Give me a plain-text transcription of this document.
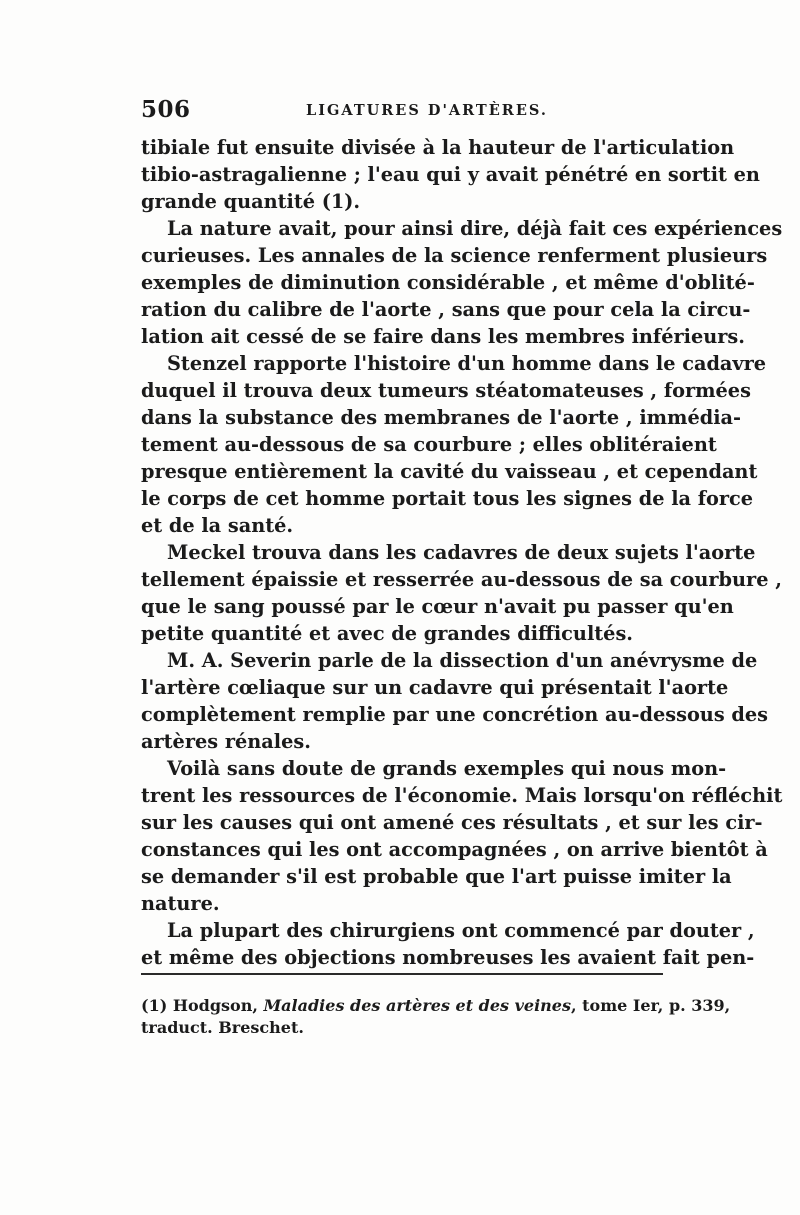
506	LIGATURES D'ARTÈRES.
tibiale fut ensuite divisée à la hauteur de l'articulation
tibio-astragalienne ; l'eau qui y avait pénétré en sortit en
grande quantité (1).
La nature avait, pour ainsi dire, déjà fait ces expériences
curieuses. Les annales de la science renferment plusieurs
exemples de diminution considérable , et même d'oblité-
ration du calibre de l'aorte , sans que pour cela la circu-
lation ait cessé de se faire dans les membres inférieurs.
Stenzel rapporte l'histoire d'un homme dans le cadavre
duquel il trouva deux tumeurs stéatomateuses , formées
dans la substance des membranes de l'aorte , immédia-
tement au-dessous de sa courbure ; elles oblitéraient
presque entièrement la cavité du vaisseau , et cependant
le corps de cet homme portait tous les signes de la force
et de la santé.
Meckel trouva dans les cadavres de deux sujets l'aorte
tellement épaissie et resserrée au-dessous de sa courbure ,
que le sang poussé par le cœur n'avait pu passer qu'en
petite quantité et avec de grandes difficultés.
M. A. Severin parle de la dissection d'un anévrysme de
l'artère cœliaque sur un cadavre qui présentait l'aorte
complètement remplie par une concrétion au-dessous des
artères rénales.
Voilà sans doute de grands exemples qui nous mon-
trent les ressources de l'économie. Mais lorsqu'on réfléchit
sur les causes qui ont amené ces résultats , et sur les cir-
constances qui les ont accompagnées , on arrive bientôt à
se demander s'il est probable que l'art puisse imiter la
nature.
La plupart des chirurgiens ont commencé par douter ,
et même des objections nombreuses les avaient fait pen-
(1) Hodgson, Maladies des artères et des veines, tome Ier, p. 339,
traduct. Breschet.
